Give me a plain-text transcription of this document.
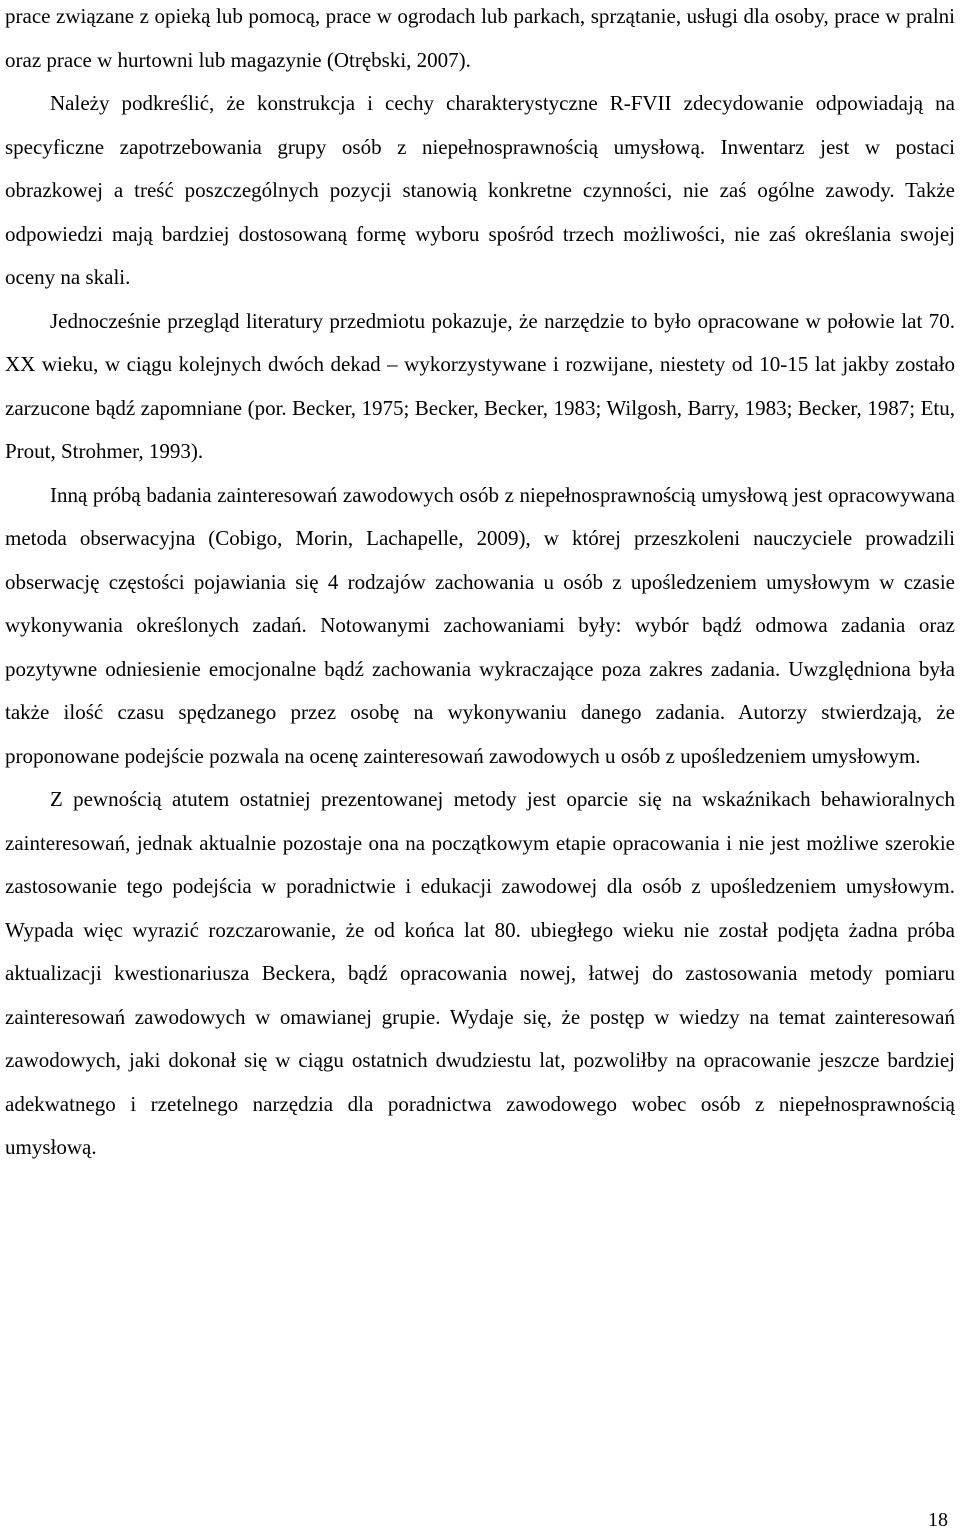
prace związane z opieką lub pomocą, prace w ogrodach lub parkach, sprzątanie, usługi dla osoby, prace w pralni oraz prace w hurtowni lub magazynie (Otrębski, 2007).

Należy podkreślić, że konstrukcja i cechy charakterystyczne R-FVII zdecydowanie odpowiadają na specyficzne zapotrzebowania grupy osób z niepełnosprawnością umysłową. Inwentarz jest w postaci obrazkowej a treść poszczególnych pozycji stanowią konkretne czynności, nie zaś ogólne zawody. Także odpowiedzi mają bardziej dostosowaną formę wyboru spośród trzech możliwości, nie zaś określania swojej oceny na skali.

Jednocześnie przegląd literatury przedmiotu pokazuje, że narzędzie to było opracowane w połowie lat 70. XX wieku, w ciągu kolejnych dwóch dekad – wykorzystywane i rozwijane, niestety od 10-15 lat jakby zostało zarzucone bądź zapomniane (por. Becker, 1975; Becker, Becker, 1983; Wilgosh, Barry, 1983; Becker, 1987; Etu, Prout, Strohmer, 1993).

Inną próbą badania zainteresowań zawodowych osób z niepełnosprawnością umysłową jest opracowywana metoda obserwacyjna (Cobigo, Morin, Lachapelle, 2009), w której przeszkoleni nauczyciele prowadzili obserwację częstości pojawiania się 4 rodzajów zachowania u osób z upośledzeniem umysłowym w czasie wykonywania określonych zadań. Notowanymi zachowaniami były: wybór bądź odmowa zadania oraz pozytywne odniesienie emocjonalne bądź zachowania wykraczające poza zakres zadania. Uwzględniona była także ilość czasu spędzanego przez osobę na wykonywaniu danego zadania. Autorzy stwierdzają, że proponowane podejście pozwala na ocenę zainteresowań zawodowych u osób z upośledzeniem umysłowym.

Z pewnością atutem ostatniej prezentowanej metody jest oparcie się na wskaźnikach behawioralnych zainteresowań, jednak aktualnie pozostaje ona na początkowym etapie opracowania i nie jest możliwe szerokie zastosowanie tego podejścia w poradnictwie i edukacji zawodowej dla osób z upośledzeniem umysłowym. Wypada więc wyrazić rozczarowanie, że od końca lat 80. ubiegłego wieku nie został podjęta żadna próba aktualizacji kwestionariusza Beckera, bądź opracowania nowej, łatwej do zastosowania metody pomiaru zainteresowań zawodowych w omawianej grupie. Wydaje się, że postęp w wiedzy na temat zainteresowań zawodowych, jaki dokonał się w ciągu ostatnich dwudziestu lat, pozwoliłby na opracowanie jeszcze bardziej adekwatnego i rzetelnego narzędzia dla poradnictwa zawodowego wobec osób z niepełnosprawnością umysłową.

18
